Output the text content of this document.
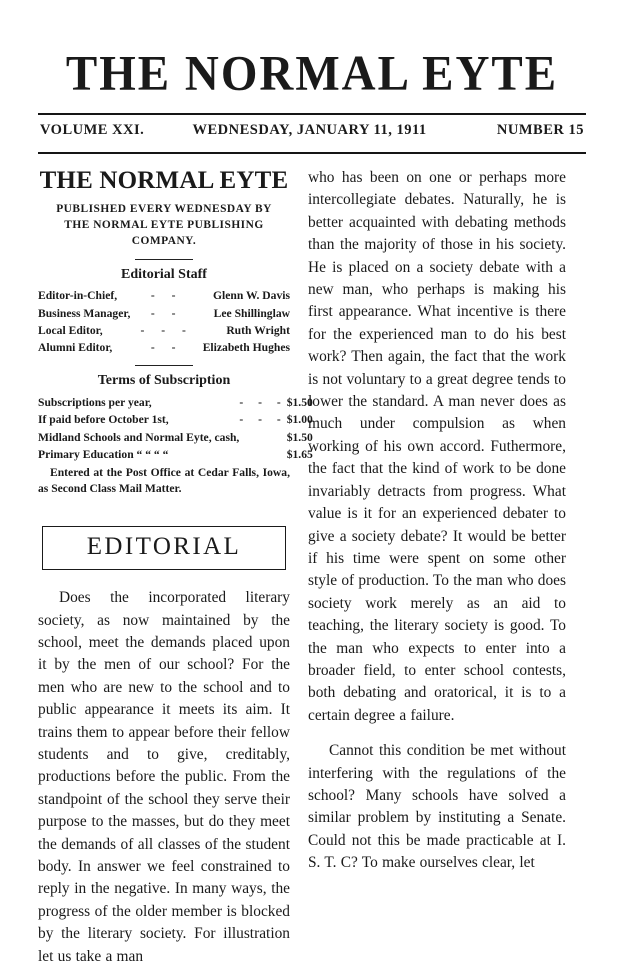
THE NORMAL EYTE
VOLUME XXI.	WEDNESDAY, JANUARY 11, 1911	NUMBER 15
THE NORMAL EYTE
PUBLISHED EVERY WEDNESDAY BY
THE NORMAL EYTE PUBLISHING
COMPANY.
Editorial Staff
Editor-in-Chief,	- -	Glenn W. Davis
Business Manager,	- -	Lee Shillinglaw
Local Editor,	- - -	Ruth Wright
Alumni Editor,	- -	Elizabeth Hughes
Terms of Subscription
Subscriptions per year,	- - -	$1.50
If paid before October 1st,	- - -	$1.00
Midland Schools and Normal Eyte, cash,		$1.50
Primary Education “ “ “ “		$1.65
Entered at the Post Office at Cedar Falls, Iowa, as Second Class Mail Matter.
EDITORIAL

Does the incorporated literary society, as now maintained by the school, meet the demands placed upon it by the men of our school? For the men who are new to the school and to public appearance it meets its aim. It trains them to appear before their fellow students and to give, creditably, productions before the public. From the standpoint of the school they serve their purpose to the masses, but do they meet the demands of all classes of the student body. In answer we feel constrained to reply in the negative. In many ways, the progress of the older member is blocked by the literary society. For illustration let us take a man

who has been on one or perhaps more intercollegiate debates. Naturally, he is better acquainted with debating methods than the majority of those in his society. He is placed on a society debate with a new man, who perhaps is making his first appearance. What incentive is there for the experienced man to do his best work? Then again, the fact that the work is not voluntary to a great degree tends to lower the standard. A man never does as much under compulsion as when working of his own accord. Futhermore, the fact that the kind of work to be done invariably detracts from progress. What value is it for an experienced debater to give a society debate? It would be better if his time were spent on some other style of production. To the man who does society work merely as an aid to teaching, the literary society is good. To the man who expects to enter into a broader field, to enter school contests, both debating and oratorical, it is to a certain degree a failure.

Cannot this condition be met without interfering with the regulations of the school? Many schools have solved a similar problem by instituting a Senate. Could not this be made practicable at I. S. T. C? To make ourselves clear, let
